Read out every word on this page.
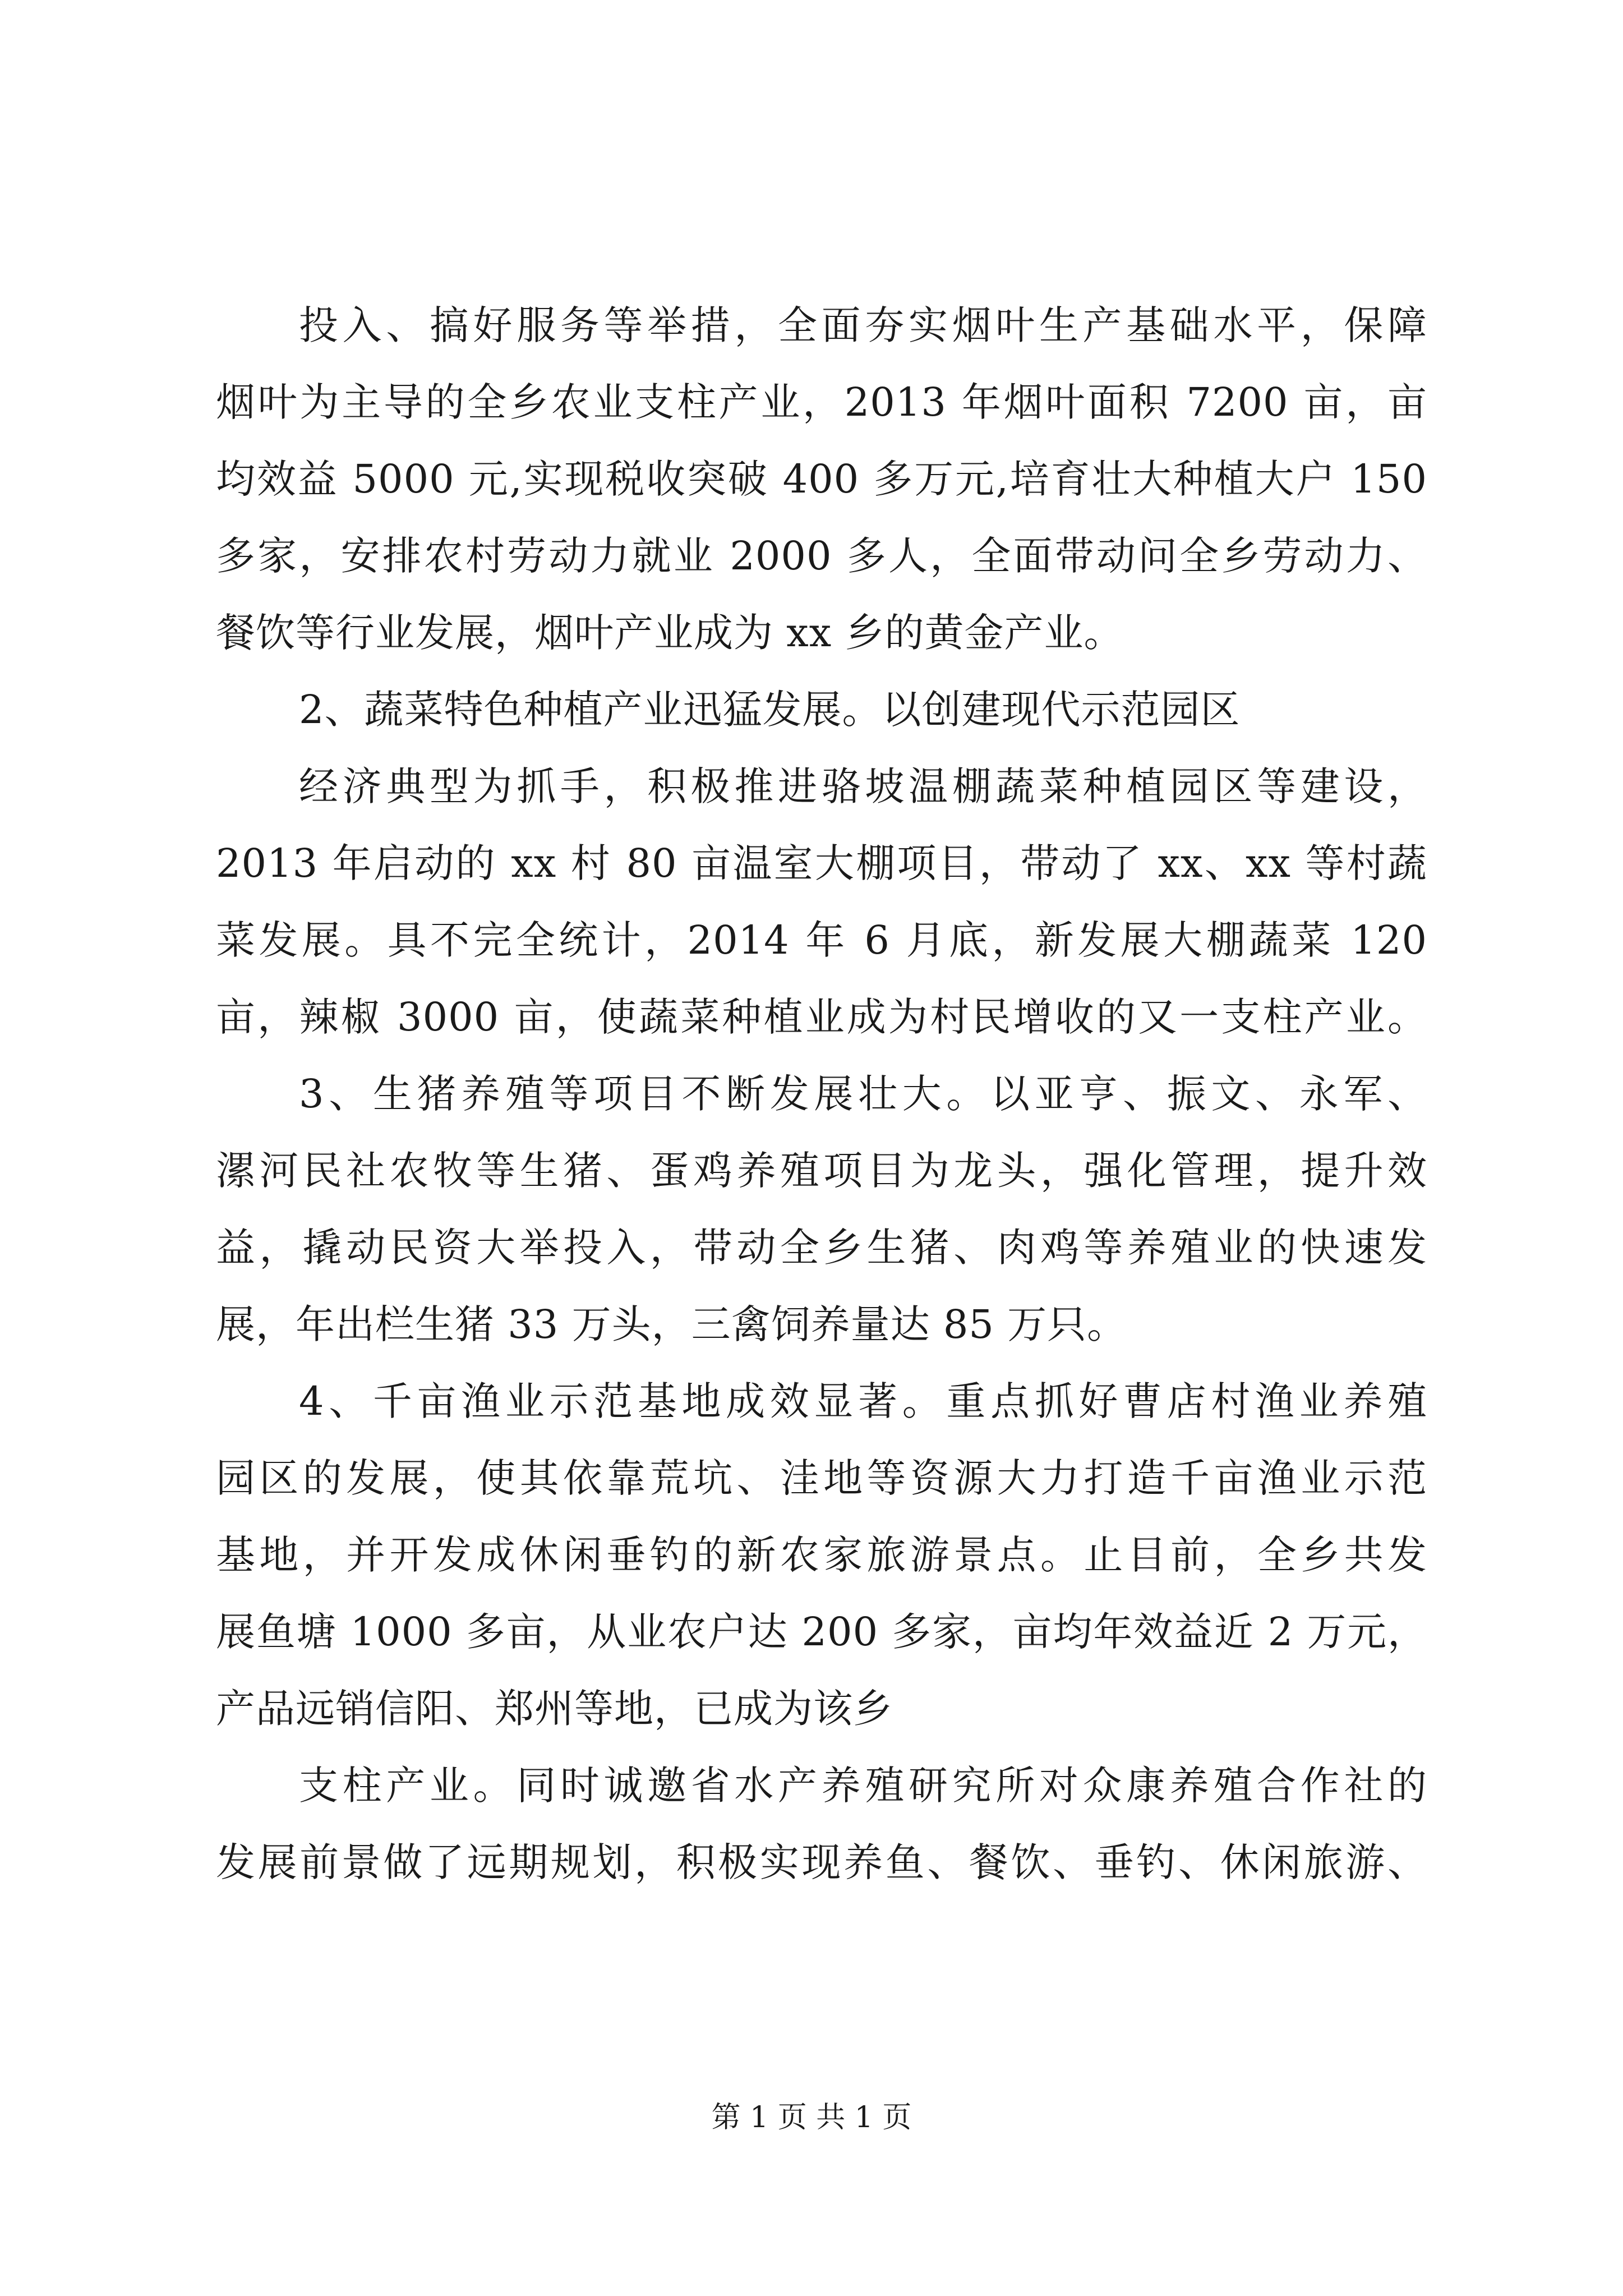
投入、搞好服务等举措，全面夯实烟叶生产基础水平，保障
烟叶为主导的全乡农业支柱产业，2013 年烟叶面积 7200 亩，亩
均效益 5000 元,实现税收突破 400 多万元,培育壮大种植大户 150
多家，安排农村劳动力就业 2000 多人，全面带动问全乡劳动力、
餐饮等行业发展，烟叶产业成为 xx 乡的黄金产业。
2、蔬菜特色种植产业迅猛发展。以创建现代示范园区
经济典型为抓手，积极推进骆坡温棚蔬菜种植园区等建设，
2013 年启动的 xx 村 80 亩温室大棚项目，带动了 xx、xx 等村蔬
菜发展。具不完全统计，2014 年 6 月底，新发展大棚蔬菜 120
亩，辣椒 3000 亩，使蔬菜种植业成为村民增收的又一支柱产业。
3、生猪养殖等项目不断发展壮大。以亚亨、振文、永军、
漯河民社农牧等生猪、蛋鸡养殖项目为龙头，强化管理，提升效
益，撬动民资大举投入，带动全乡生猪、肉鸡等养殖业的快速发
展，年出栏生猪 33 万头，三禽饲养量达 85 万只。
4、千亩渔业示范基地成效显著。重点抓好曹店村渔业养殖
园区的发展，使其依靠荒坑、洼地等资源大力打造千亩渔业示范
基地，并开发成休闲垂钓的新农家旅游景点。止目前，全乡共发
展鱼塘 1000 多亩，从业农户达 200 多家，亩均年效益近 2 万元，
产品远销信阳、郑州等地，已成为该乡
支柱产业。同时诚邀省水产养殖研究所对众康养殖合作社的
发展前景做了远期规划，积极实现养鱼、餐饮、垂钓、休闲旅游、
第 1 页 共 1 页
